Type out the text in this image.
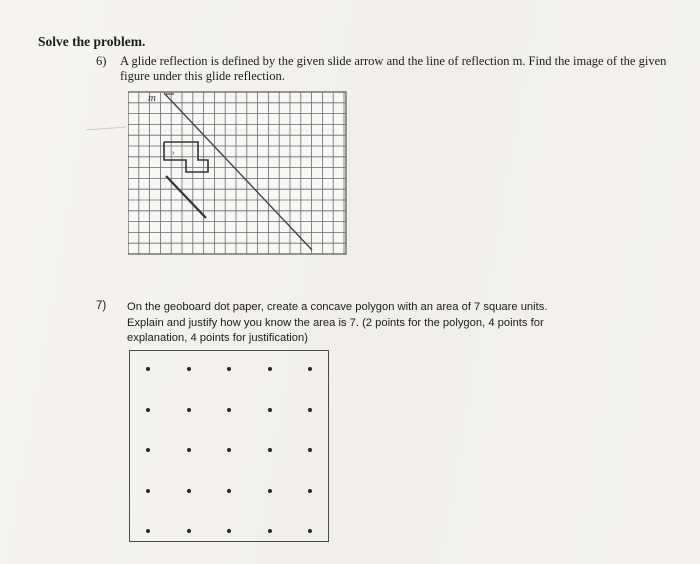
Solve the problem.
6) A glide reflection is defined by the given slide arrow and the line of reflection m. Find the image of the given
figure under this glide reflection.
m
›
7) On the geoboard dot paper, create a concave polygon with an area of 7 square units.
Explain and justify how you know the area is 7. (2 points for the polygon, 4 points for
explanation, 4 points for justification)
